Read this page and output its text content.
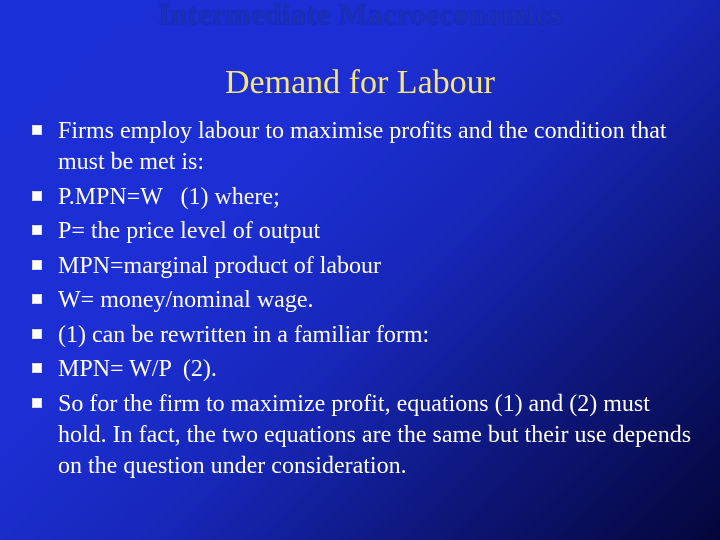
Intermediate Macroeconomics
Demand for Labour
Firms employ labour to maximise profits and the condition that must be met is:
P.MPN=W   (1) where;
P= the price level of output
MPN=marginal product of labour
W= money/nominal wage.
(1) can be rewritten in a familiar form:
MPN= W/P  (2).
So for the firm to maximize profit, equations (1) and (2) must hold. In fact, the two equations are the same but their use depends on the question under consideration.
